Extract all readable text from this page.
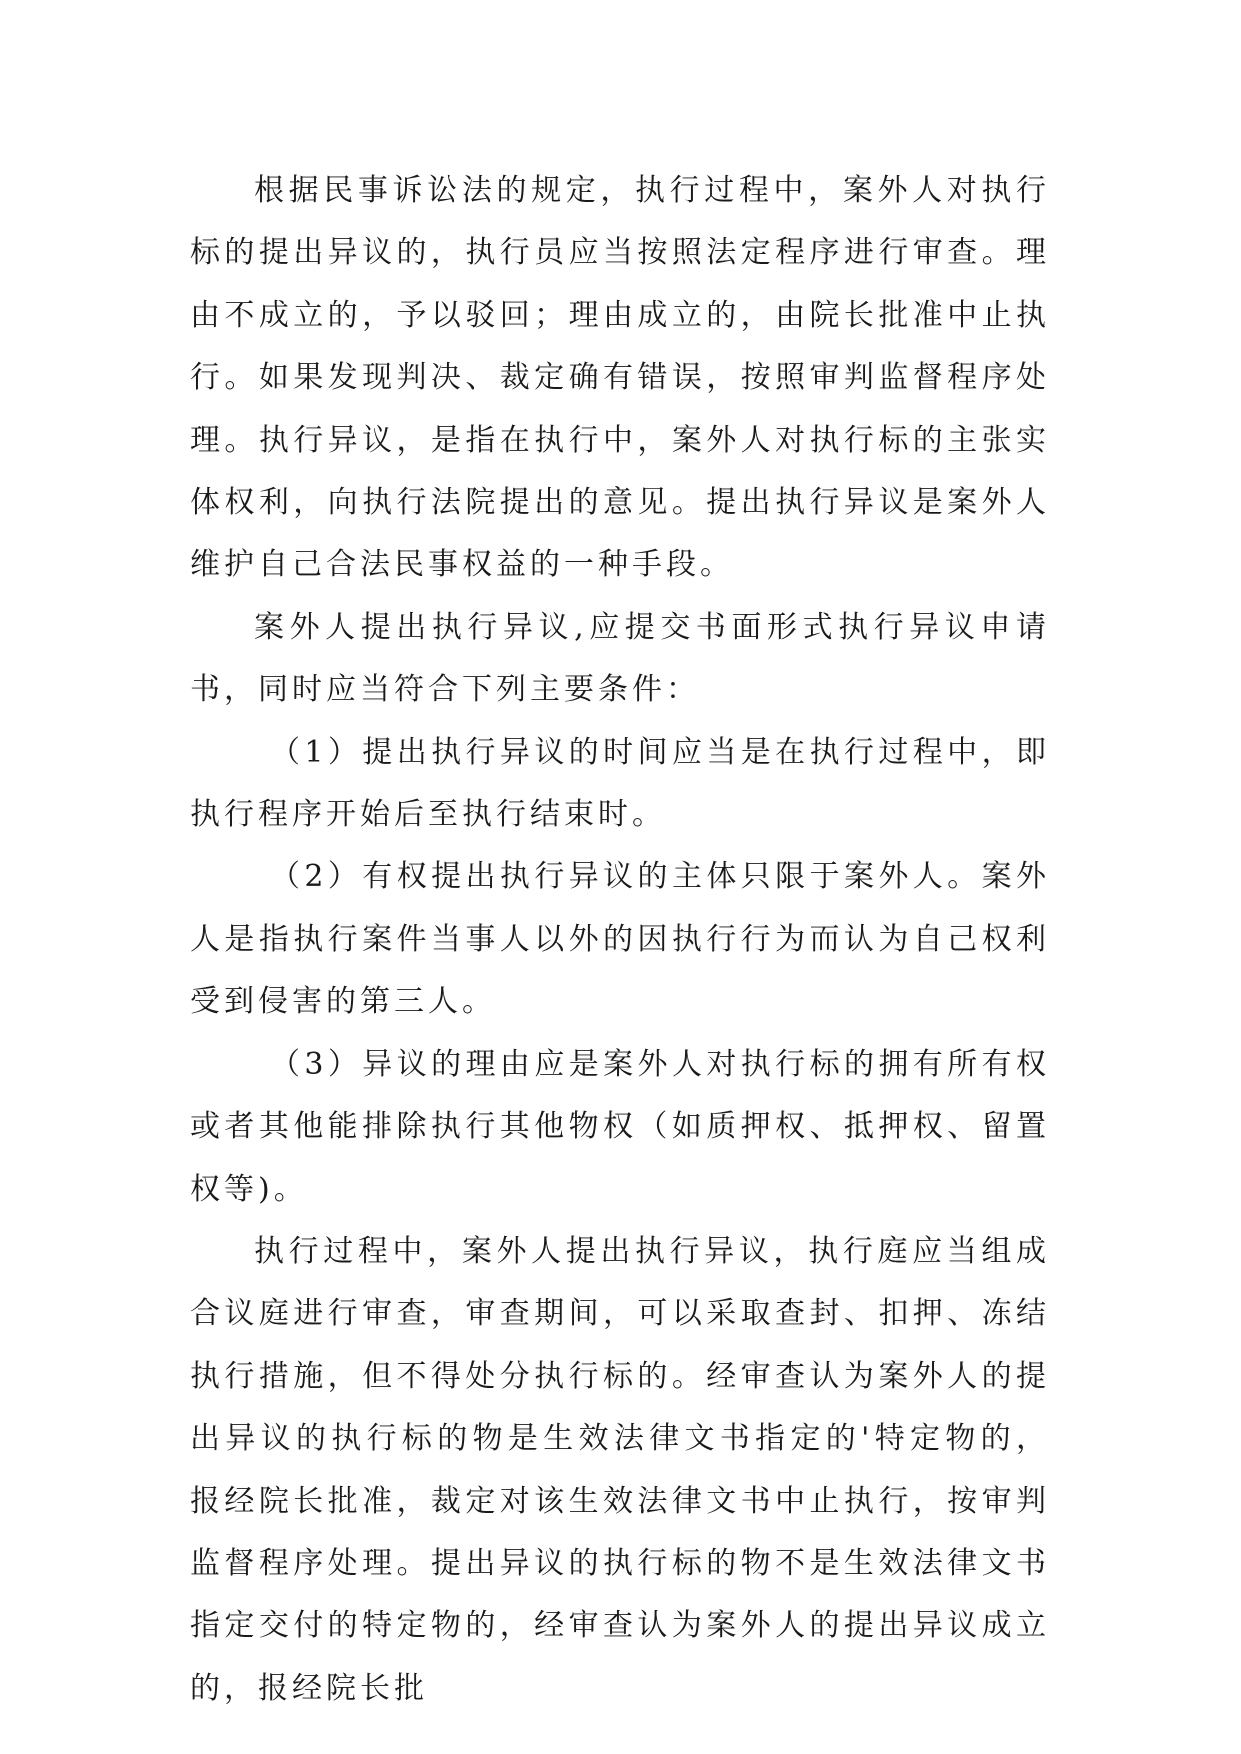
根据民事诉讼法的规定，执行过程中，案外人对执行标的提出异议的，执行员应当按照法定程序进行审查。理由不成立的，予以驳回；理由成立的，由院长批准中止执行。如果发现判决、裁定确有错误，按照审判监督程序处理。执行异议，是指在执行中，案外人对执行标的主张实体权利，向执行法院提出的意见。提出执行异议是案外人维护自己合法民事权益的一种手段。

案外人提出执行异议,应提交书面形式执行异议申请书，同时应当符合下列主要条件：

（1）提出执行异议的时间应当是在执行过程中，即执行程序开始后至执行结束时。

（2）有权提出执行异议的主体只限于案外人。案外人是指执行案件当事人以外的因执行行为而认为自己权利受到侵害的第三人。

（3）异议的理由应是案外人对执行标的拥有所有权或者其他能排除执行其他物权（如质押权、抵押权、留置权等)。

执行过程中，案外人提出执行异议，执行庭应当组成合议庭进行审查，审查期间，可以采取查封、扣押、冻结执行措施，但不得处分执行标的。经审查认为案外人的提出异议的执行标的物是生效法律文书指定的'特定物的，报经院长批准，裁定对该生效法律文书中止执行，按审判监督程序处理。提出异议的执行标的物不是生效法律文书指定交付的特定物的，经审查认为案外人的提出异议成立的，报经院长批
